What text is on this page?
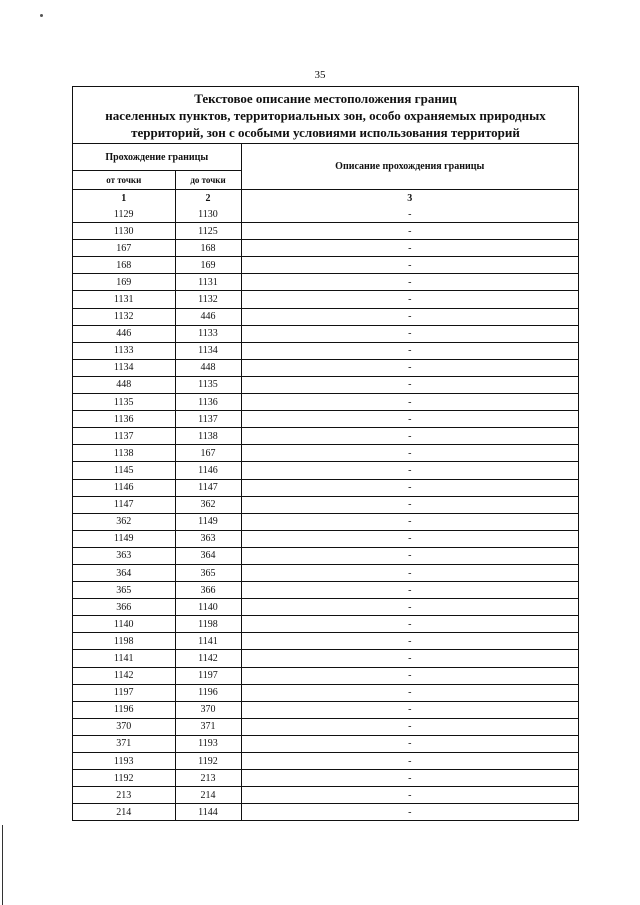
35
Текстовое описание местоположения границ
населенных пунктов, территориальных зон, особо охраняемых природных
территорий, зон с особыми условиями использования территорий
Прохождение границы		Описание прохождения границы
от точки	до точки	
1	2	3
1129	1130	-
1130	1125	-
167	168	-
168	169	-
169	1131	-
1131	1132	-
1132	446	-
446	1133	-
1133	1134	-
1134	448	-
448	1135	-
1135	1136	-
1136	1137	-
1137	1138	-
1138	167	-
1145	1146	-
1146	1147	-
1147	362	-
362	1149	-
1149	363	-
363	364	-
364	365	-
365	366	-
366	1140	-
1140	1198	-
1198	1141	-
1141	1142	-
1142	1197	-
1197	1196	-
1196	370	-
370	371	-
371	1193	-
1193	1192	-
1192	213	-
213	214	-
214	1144	-
